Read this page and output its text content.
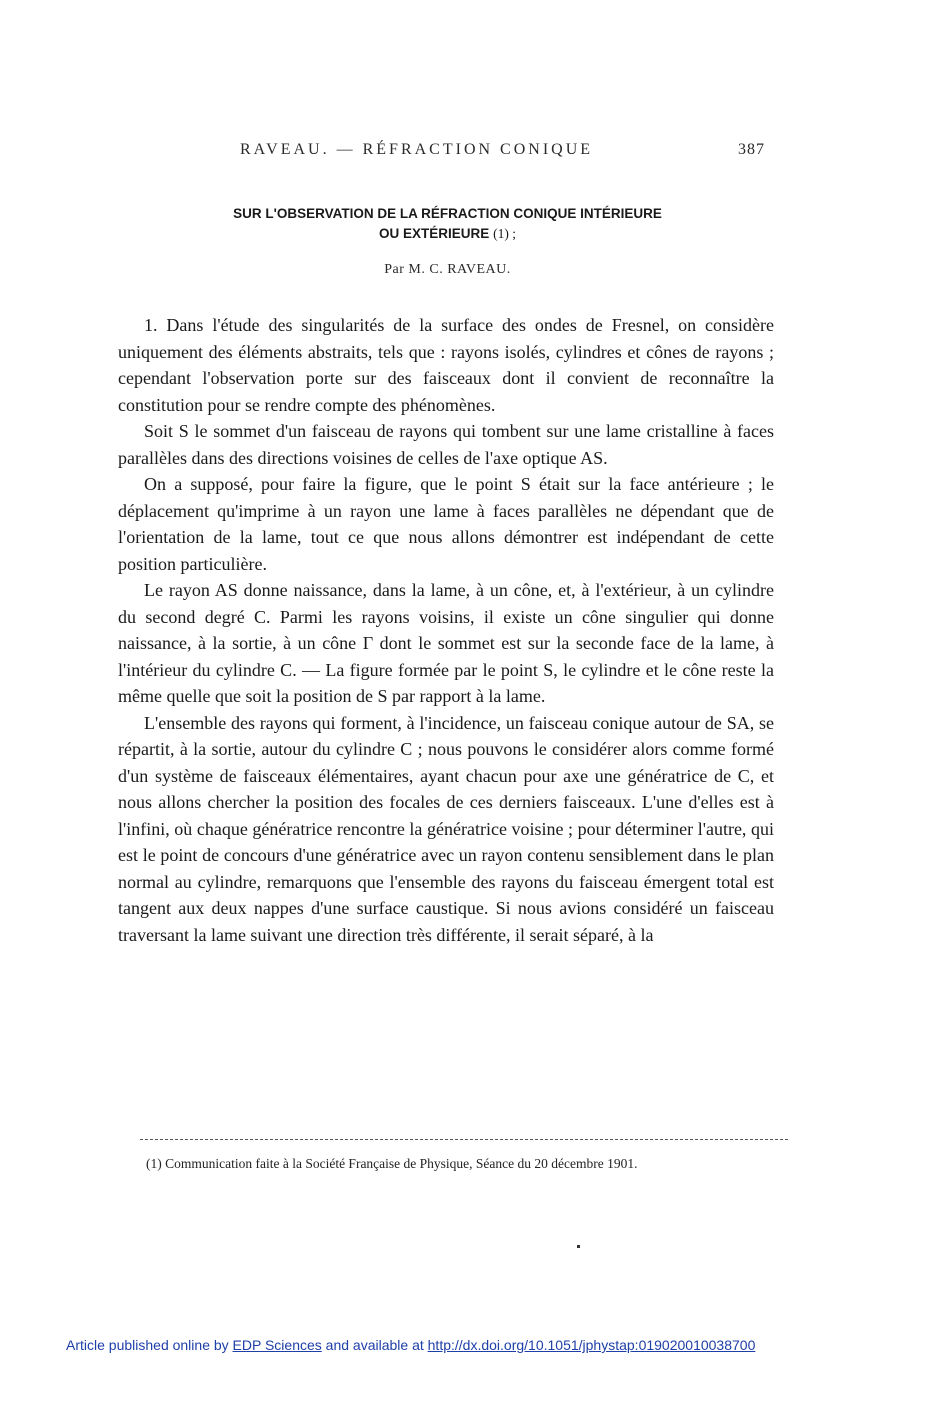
RAVEAU. — RÉFRACTION CONIQUE	387
SUR L'OBSERVATION DE LA RÉFRACTION CONIQUE INTÉRIEURE
OU EXTÉRIEURE (1) ;
Par M. C. RAVEAU.

1. Dans l'étude des singularités de la surface des ondes de Fresnel, on considère uniquement des éléments abstraits, tels que : rayons isolés, cylindres et cônes de rayons ; cependant l'observation porte sur des faisceaux dont il convient de reconnaître la constitution pour se rendre compte des phénomènes.

Soit S le sommet d'un faisceau de rayons qui tombent sur une lame cristalline à faces parallèles dans des directions voisines de celles de l'axe optique AS.

On a supposé, pour faire la figure, que le point S était sur la face antérieure ; le déplacement qu'imprime à un rayon une lame à faces parallèles ne dépendant que de l'orientation de la lame, tout ce que nous allons démontrer est indépendant de cette position particulière.

Le rayon AS donne naissance, dans la lame, à un cône, et, à l'extérieur, à un cylindre du second degré C. Parmi les rayons voisins, il existe un cône singulier qui donne naissance, à la sortie, à un cône Γ dont le sommet est sur la seconde face de la lame, à l'intérieur du cylindre C. — La figure formée par le point S, le cylindre et le cône reste la même quelle que soit la position de S par rapport à la lame.

L'ensemble des rayons qui forment, à l'incidence, un faisceau conique autour de SA, se répartit, à la sortie, autour du cylindre C ; nous pouvons le considérer alors comme formé d'un système de faisceaux élémentaires, ayant chacun pour axe une génératrice de C, et nous allons chercher la position des focales de ces derniers faisceaux. L'une d'elles est à l'infini, où chaque génératrice rencontre la génératrice voisine ; pour déterminer l'autre, qui est le point de concours d'une génératrice avec un rayon contenu sensiblement dans le plan normal au cylindre, remarquons que l'ensemble des rayons du faisceau émergent total est tangent aux deux nappes d'une surface caustique. Si nous avions considéré un faisceau traversant la lame suivant une direction très différente, il serait séparé, à la

(1) Communication faite à la Société Française de Physique, Séance du 20 décembre 1901.
Article published online by EDP Sciences and available at http://dx.doi.org/10.1051/jphystap:019020010038700
